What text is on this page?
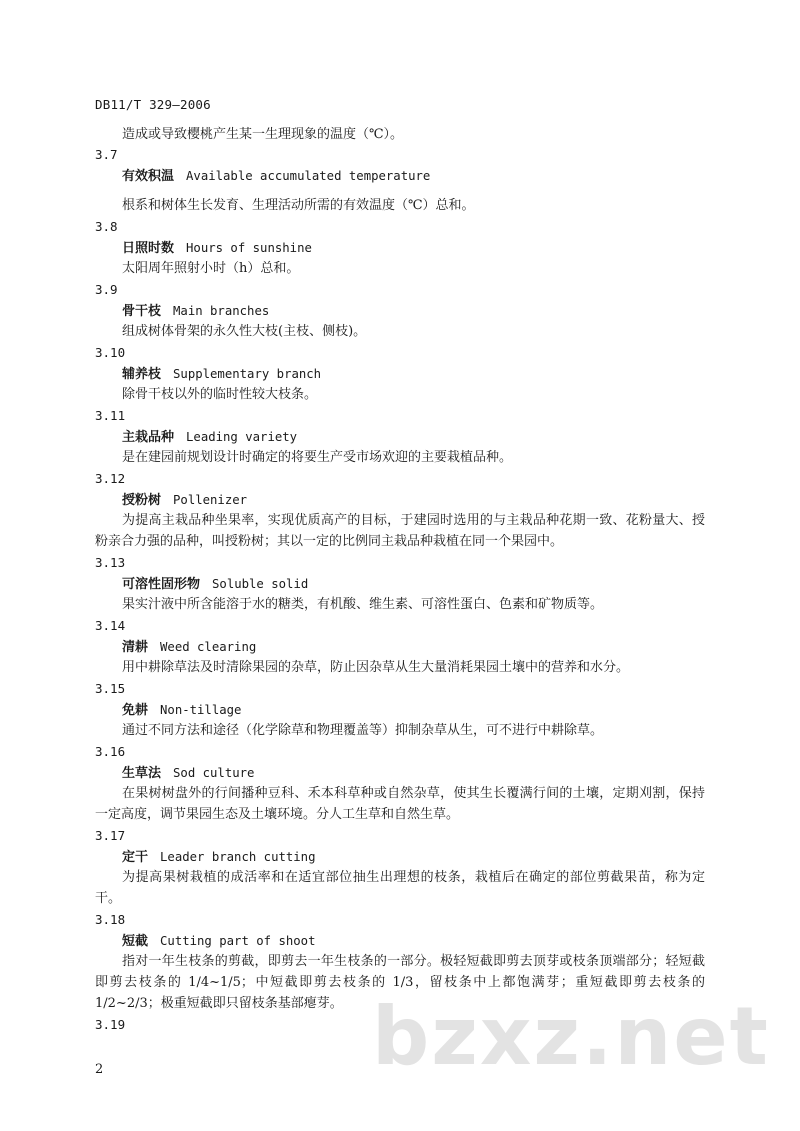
DB11/T 329—2006
造成或导致樱桃产生某一生理现象的温度（℃）。
3.7
有效积温 Available accumulated temperature
根系和树体生长发育、生理活动所需的有效温度（℃）总和。
3.8
日照时数 Hours of sunshine
太阳周年照射小时（h）总和。
3.9
骨干枝 Main branches
组成树体骨架的永久性大枝(主枝、侧枝)。
3.10
辅养枝 Supplementary branch
除骨干枝以外的临时性较大枝条。
3.11
主栽品种 Leading variety
是在建园前规划设计时确定的将要生产受市场欢迎的主要栽植品种。
3.12
授粉树 Pollenizer
为提高主栽品种坐果率，实现优质高产的目标，于建园时选用的与主栽品种花期一致、花粉量大、授粉亲合力强的品种，叫授粉树；其以一定的比例同主栽品种栽植在同一个果园中。
3.13
可溶性固形物 Soluble solid
果实汁液中所含能溶于水的糖类，有机酸、维生素、可溶性蛋白、色素和矿物质等。
3.14
清耕 Weed clearing
用中耕除草法及时清除果园的杂草，防止因杂草从生大量消耗果园土壤中的营养和水分。
3.15
免耕 Non-tillage
通过不同方法和途径（化学除草和物理覆盖等）抑制杂草从生，可不进行中耕除草。
3.16
生草法 Sod culture
在果树树盘外的行间播种豆科、禾本科草种或自然杂草，使其生长覆满行间的土壤，定期刈割，保持一定高度，调节果园生态及土壤环境。分人工生草和自然生草。
3.17
定干 Leader branch cutting
为提高果树栽植的成活率和在适宜部位抽生出理想的枝条，栽植后在确定的部位剪截果苗，称为定干。
3.18
短截 Cutting part of shoot
指对一年生枝条的剪截，即剪去一年生枝条的一部分。极轻短截即剪去顶芽或枝条顶端部分；轻短截即剪去枝条的 1/4~1/5；中短截即剪去枝条的 1/3，留枝条中上都饱满芽；重短截即剪去枝条的1/2~2/3；极重短截即只留枝条基部瘪芽。
3.19
2	bzxz.net
